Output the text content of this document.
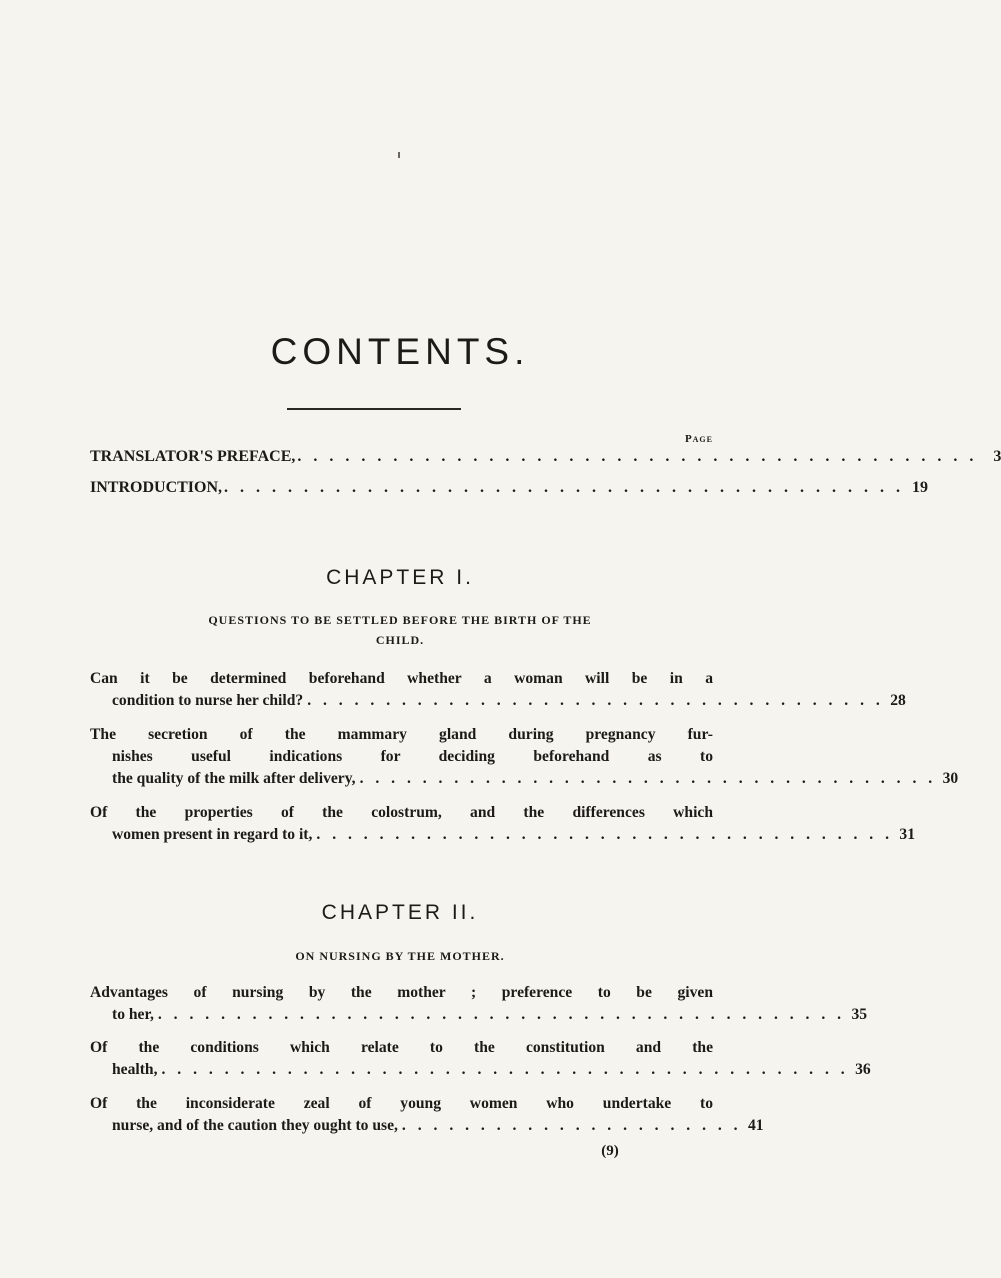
CONTENTS.
Page
TRANSLATOR'S PREFACE, . . . . . . . . . . . . . . . . . . . . . . . . . . . . . . . . . . . . . . . . . . .	3
INTRODUCTION, . . . . . . . . . . . . . . . . . . . . . . . . . . . . . . . . . . . . . . . . . . . 19
CHAPTER I.
QUESTIONS TO BE SETTLED BEFORE THE BIRTH OF THE
CHILD.
Can it be determined beforehand whether a woman will be in a
condition to nurse her child? . . . . . . . . . . . . . . . . . . . . . . . . . . . . . . . . . . . . . 28
The secretion of the mammary gland during pregnancy fur-
nishes useful indications for deciding beforehand as to
the quality of the milk after delivery, . . . . . . . . . . . . . . . . . . . . . . . . . . . . . . . . . . . . . 30
Of the properties of the colostrum, and the differences which
women present in regard to it, . . . . . . . . . . . . . . . . . . . . . . . . . . . . . . . . . . . . . 31
CHAPTER II.
ON NURSING BY THE MOTHER.
Advantages of nursing by the mother ; preference to be given
to her, . . . . . . . . . . . . . . . . . . . . . . . . . . . . . . . . . . . . . . . . . . . . 35
Of the conditions which relate to the constitution and the
health, . . . . . . . . . . . . . . . . . . . . . . . . . . . . . . . . . . . . . . . . . . . . 36
Of the inconsiderate zeal of young women who undertake to
nurse, and of the caution they ought to use, . . . . . . . . . . . . . . . . . . . . . . 41
(9)
